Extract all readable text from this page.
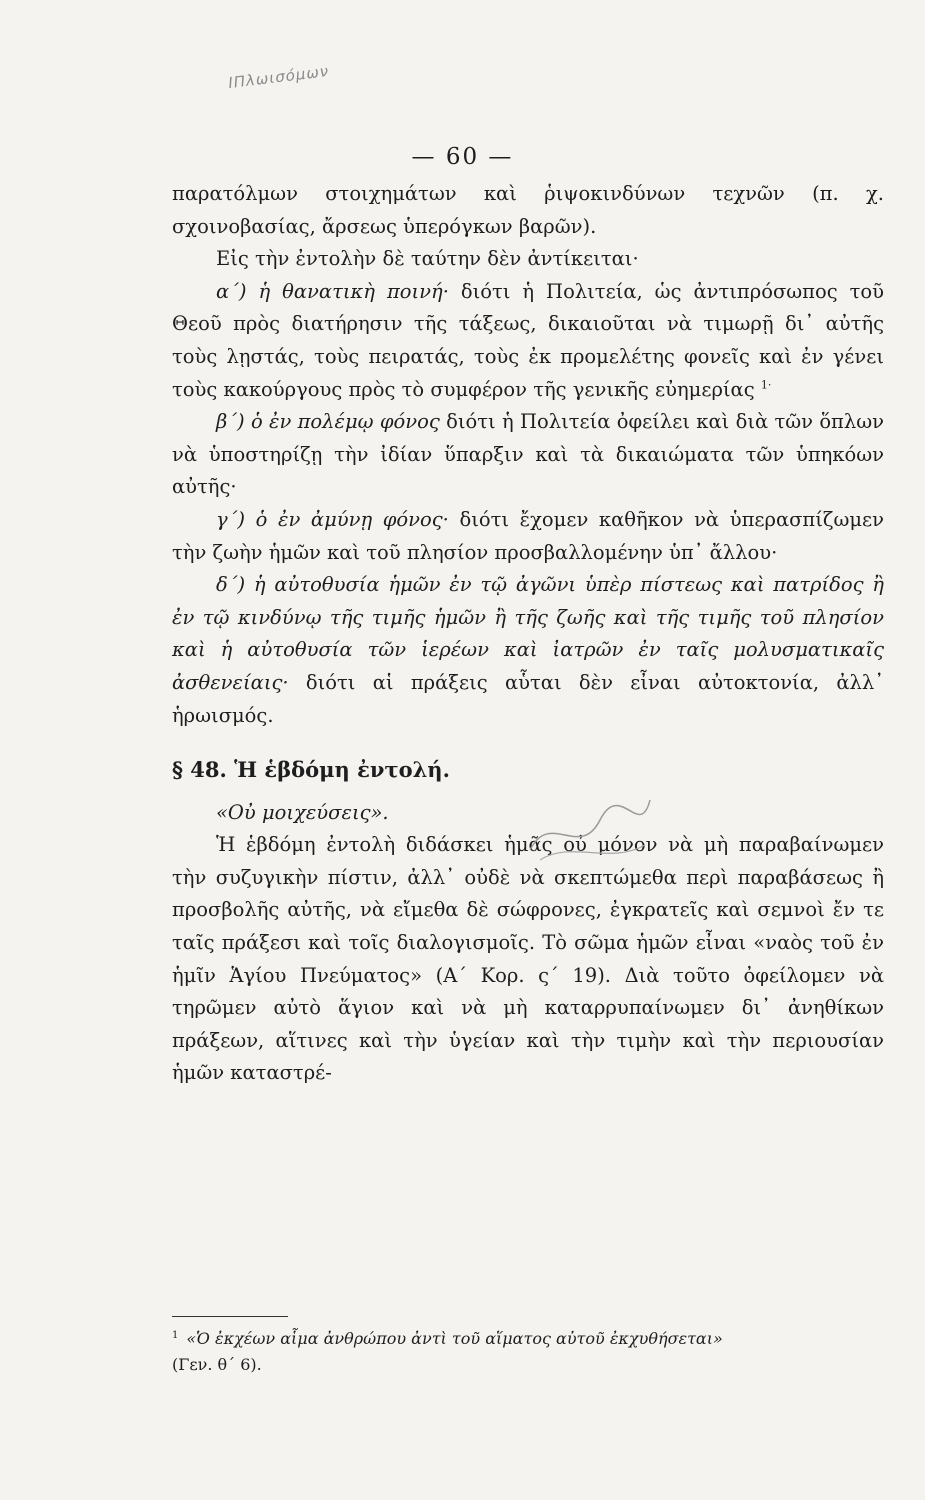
ΙΠλωισόμων
— 60 —

παρατόλμων στοιχημάτων καὶ ῥιψοκινδύνων τεχνῶν (π. χ. σχοινοβασίας, ἄρσεως ὑπερόγκων βαρῶν).

Εἰς τὴν ἐντολὴν δὲ ταύτην δὲν ἀντίκειται·

α΄) ἡ θανατικὴ ποινή· διότι ἡ Πολιτεία, ὡς ἀντιπρόσωπος τοῦ Θεοῦ πρὸς διατήρησιν τῆς τάξεως, δικαιοῦται νὰ τιμωρῇ δι᾽ αὐτῆς τοὺς λῃστάς, τοὺς πειρατάς, τοὺς ἐκ προμελέτης φονεῖς καὶ ἐν γένει τοὺς κακούργους πρὸς τὸ συμφέρον τῆς γενικῆς εὐημερίας $^{1\cdot}$

β΄) ὁ ἐν πολέμῳ φόνος διότι ἡ Πολιτεία ὀφείλει καὶ διὰ τῶν ὅπλων νὰ ὑποστηρίζῃ τὴν ἰδίαν ὕπαρξιν καὶ τὰ δικαιώματα τῶν ὑπηκόων αὐτῆς·

γ΄) ὁ ἐν ἀμύνῃ φόνος· διότι ἔχομεν καθῆκον νὰ ὑπερασπίζωμεν τὴν ζωὴν ἡμῶν καὶ τοῦ πλησίον προσβαλλομένην ὑπ᾽ ἄλλου·

δ΄) ἡ αὐτοθυσία ἡμῶν ἐν τῷ ἀγῶνι ὑπὲρ πίστεως καὶ πατρίδος ἢ ἐν τῷ κινδύνῳ τῆς τιμῆς ἡμῶν ἢ τῆς ζωῆς καὶ τῆς τιμῆς τοῦ πλησίον καὶ ἡ αὐτοθυσία τῶν ἱερέων καὶ ἰατρῶν ἐν ταῖς μολυσματικαῖς ἀσθενείαις· διότι αἱ πράξεις αὗται δὲν εἶναι αὐτοκτονία, ἀλλ᾽ ἡρωισμός.

§ 48. Ἡ ἑβδόμη ἐντολή.

«Οὐ μοιχεύσεις».

Ἡ ἑβδόμη ἐντολὴ διδάσκει ἡμᾶς οὐ μόνον νὰ μὴ παραβαίνωμεν τὴν συζυγικὴν πίστιν, ἀλλ᾽ οὐδὲ νὰ σκεπτώμεθα περὶ παραβάσεως ἢ προσβολῆς αὐτῆς, νὰ εἴμεθα δὲ σώφρονες, ἐγκρατεῖς καὶ σεμνοὶ ἔν τε ταῖς πράξεσι καὶ τοῖς διαλογισμοῖς. Τὸ σῶμα ἡμῶν εἶναι «ναὸς τοῦ ἐν ἡμῖν Ἁγίου Πνεύματος» (Α΄ Κορ. ς΄ 19). Διὰ τοῦτο ὀφείλομεν νὰ τηρῶμεν αὐτὸ ἅγιον καὶ νὰ μὴ καταρρυπαίνωμεν δι᾽ ἀνηθίκων πράξεων, αἵτινες καὶ τὴν ὑγείαν καὶ τὴν τιμὴν καὶ τὴν περιουσίαν ἡμῶν καταστρέ-

$^1$ «Ὁ ἐκχέων αἷμα ἀνθρώπου ἀντὶ τοῦ αἵματος αὐτοῦ ἐκχυθήσεται»

(Γεν. θ΄ 6).
